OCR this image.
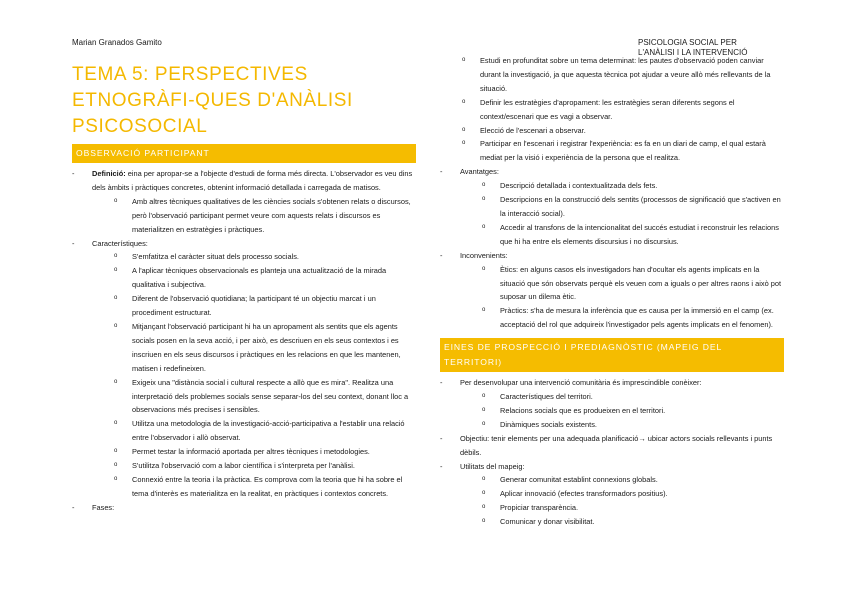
Marian Granados Gamito	PSICOLOGIA SOCIAL PER
L'ANÀLISI I LA INTERVENCIÓ
TEMA 5: PERSPECTIVES ETNOGRÀFI-QUES D'ANÀLISI PSICOSOCIAL
OBSERVACIÓ PARTICIPANT
- Definició: eina per apropar-se a l'objecte d'estudi de forma més directa. L'observador es veu dins dels àmbits i pràctiques concretes, obtenint informació detallada i carregada de matisos.
o Amb altres tècniques qualitatives de les ciències socials s'obtenen relats o discursos, però l'observació participant permet veure com aquests relats i discursos es materialitzen en estratègies i pràctiques.
- Característiques:
o S'emfatitza el caràcter situat dels processo socials.
o A l'aplicar tècniques observacionals es planteja una actualització de la mirada qualitativa i subjectiva.
o Diferent de l'observació quotidiana; la participant té un objectiu marcat i un procediment estructurat.
o Mitjançant l'observació participant hi ha un apropament als sentits que els agents socials posen en la seva acció, i per això, es descriuen en els seus contextos i es inscriuen en els seus discursos i pràctiques en les relacions en que les mantenen, matisen i redefineixen.
o Exigeix una "distància social i cultural respecte a allò que es mira". Realitza una interpretació dels problemes socials sense separar-los del seu context, donant lloc a observacions més precises i sensibles.
o Utilitza una metodologia de la investigació-acció-participativa a l'establir una relació entre l'observador i allò observat.
o Permet testar la informació aportada per altres tècniques i metodologies.
o S'utilitza l'observació com a labor científica i s'interpreta per l'anàlisi.
o Connexió entre la teoria i la pràctica. Es comprova com la teoria que hi ha sobre el tema d'interès es materialitza en la realitat, en pràctiques i contextos concrets.
- Fases:
o Estudi en profunditat sobre un tema determinat: les pautes d'observació poden canviar durant la investigació, ja que aquesta tècnica pot ajudar a veure allò més rellevants de la situació.
o Definir les estratègies d'apropament: les estratègies seran diferents segons el context/escenari que es vagi a observar.
o Elecció de l'escenari a observar.
o Participar en l'escenari i registrar l'experiència: es fa en un diari de camp, el qual estarà mediat per la visió i experiència de la persona que el realitza.
- Avantatges:
o Descripció detallada i contextualitzada dels fets.
o Descripcions en la construcció dels sentits (processos de significació que s'activen en la interacció social).
o Accedir al transfons de la intencionalitat del succés estudiat i reconstruir les relacions que hi ha entre els elements discursius i no discursius.
- Inconvenients:
o Ètics: en alguns casos els investigadors han d'ocultar els agents implicats en la situació que són observats perquè els veuen com a iguals o per altres raons i això pot suposar un dilema ètic.
o Pràctics: s'ha de mesura la inferència que es causa per la immersió en el camp (ex. acceptació del rol que adquireix l'investigador pels agents implicats en el fenomen).
EINES DE PROSPECCIÓ I PREDIAGNÒSTIC (MAPEIG DEL TERRITORI)
- Per desenvolupar una intervenció comunitària és imprescindible conèixer:
o Característiques del territori.
o Relacions socials que es produeixen en el territori.
o Dinàmiques socials existents.
- Objectiu: tenir elements per una adequada planificació→ ubicar actors socials rellevants i punts dèbils.
- Utilitats del mapeig:
o Generar comunitat establint connexions globals.
o Aplicar innovació (efectes transformadors positius).
o Propiciar transparència.
o Comunicar y donar visibilitat.
